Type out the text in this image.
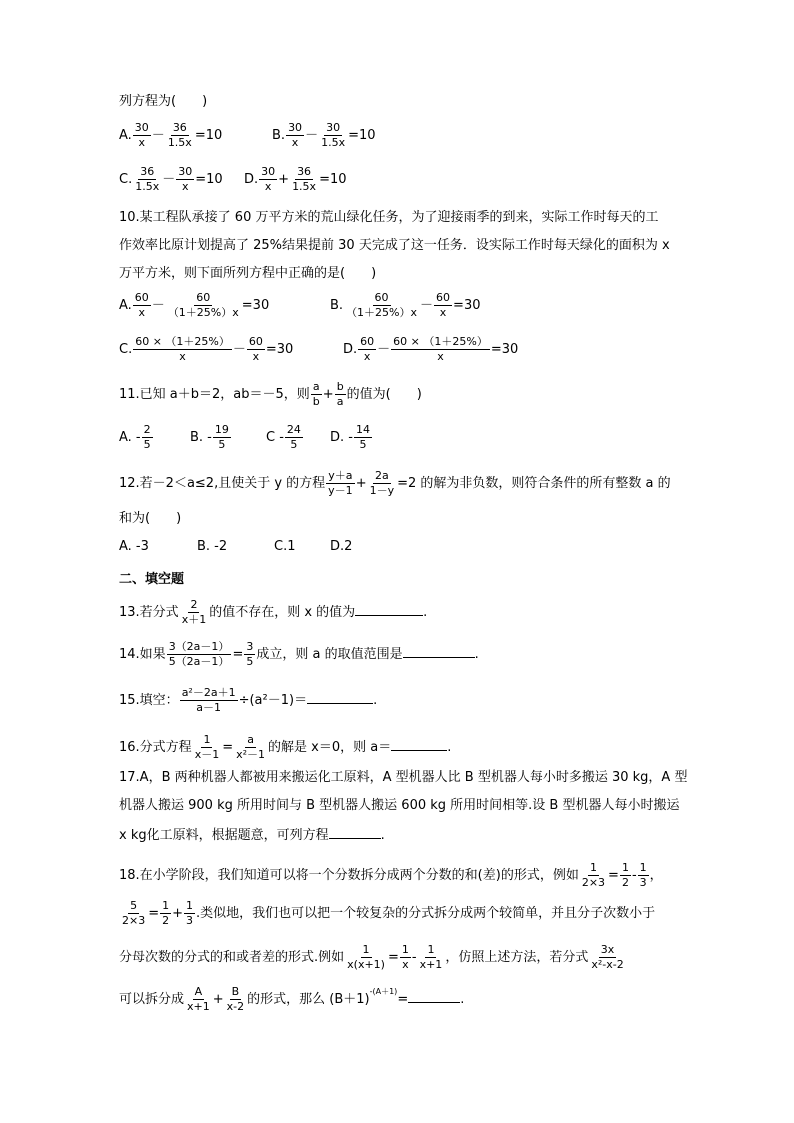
列方程为(　　)
A. $\frac{30}{x} - \frac{36}{1.5x} =10$	B. $\frac{30}{x} - \frac{30}{1.5x} =10$
C. $\frac{36}{1.5x} - \frac{30}{x} =10$ D. $\frac{30}{x} + \frac{36}{1.5x} =10$
10.某工程队承接了 60 万平方米的荒山绿化任务，为了迎接雨季的到来，实际工作时每天的工
作效率比原计划提高了 25%结果提前 30 天完成了这一任务．设实际工作时每天绿化的面积为 x
万平方米，则下面所列方程中正确的是(　　)
A. $\frac{60}{x} - \frac{60}{(1+25\%)x} =30$	B. $\frac{60}{(1+25\%)x} - \frac{60}{x} =30$
C. $\frac{60 \times (1+25\%)}{x} - \frac{60}{x} =30$	D. $\frac{60}{x} - \frac{60 \times (1+25\%)}{x} =30$
11.已知 a＋b＝2，ab＝－5，则 $\frac{a}{b} + \frac{b}{a}$ 的值为(　　)
A. - $\frac{2}{5}$	B. - $\frac{19}{5}$	C - $\frac{24}{5} D$. - $\frac{14}{5}$
12.若－2＜a≤2,且使关于 y 的方程 $\frac{y+a}{y-1} + \frac{2a}{1-y} =2$ 的解为非负数，则符合条件的所有整数 a 的
和为(　　)
A. -3	B. -2	C.1	D.2
二、填空题
13.若分式 $\frac{2}{x+1}$ 的值不存在，则 x 的值为	.
14.如果 $\frac{3(2a-1)}{5(2a-1)} = \frac{3}{5}$ 成立，则 a 的取值范围是	.
15.填空： $\frac{\text{a²－2a＋1}}{a-1} \div(a^2-1)=$	.
16.分式方程 $\frac{1}{x-1} = \frac{a}{\text{x²－1}}$ 的解是 x＝0，则 a＝	.
17.A，B 两种机器人都被用来搬运化工原料，A 型机器人比 B 型机器人每小时多搬运 30 kg，A 型
机器人搬运 900 kg 所用时间与 B 型机器人搬运 600 kg 所用时间相等.设 B 型机器人每小时搬运
x kg化工原料，根据题意，可列方程	.
18.在小学阶段，我们知道可以将一个分数拆分成两个分数的和(差)的形式，例如 $\frac{1}{2\times 3} = \frac{1}{2} - \frac{1}{3}$ ，
$\frac{5}{2\times 3} = \frac{1}{2} + \frac{1}{3}$ .类似地，我们也可以把一个较复杂的分式拆分成两个较简单，并且分子次数小于
分母次数的分式的和或者差的形式.例如 $\frac{1}{x(x+1)} = \frac{1}{x} - \frac{1}{x+1}$ ，仿照上述方法，若分式 $\frac{3x}{\text{x²-x-2}}$
可以拆分成 $\frac{A}{x+1} + \frac{B}{x-2}$ 的形式，那么 $(B+1)^{-(A+1)}=$	.
